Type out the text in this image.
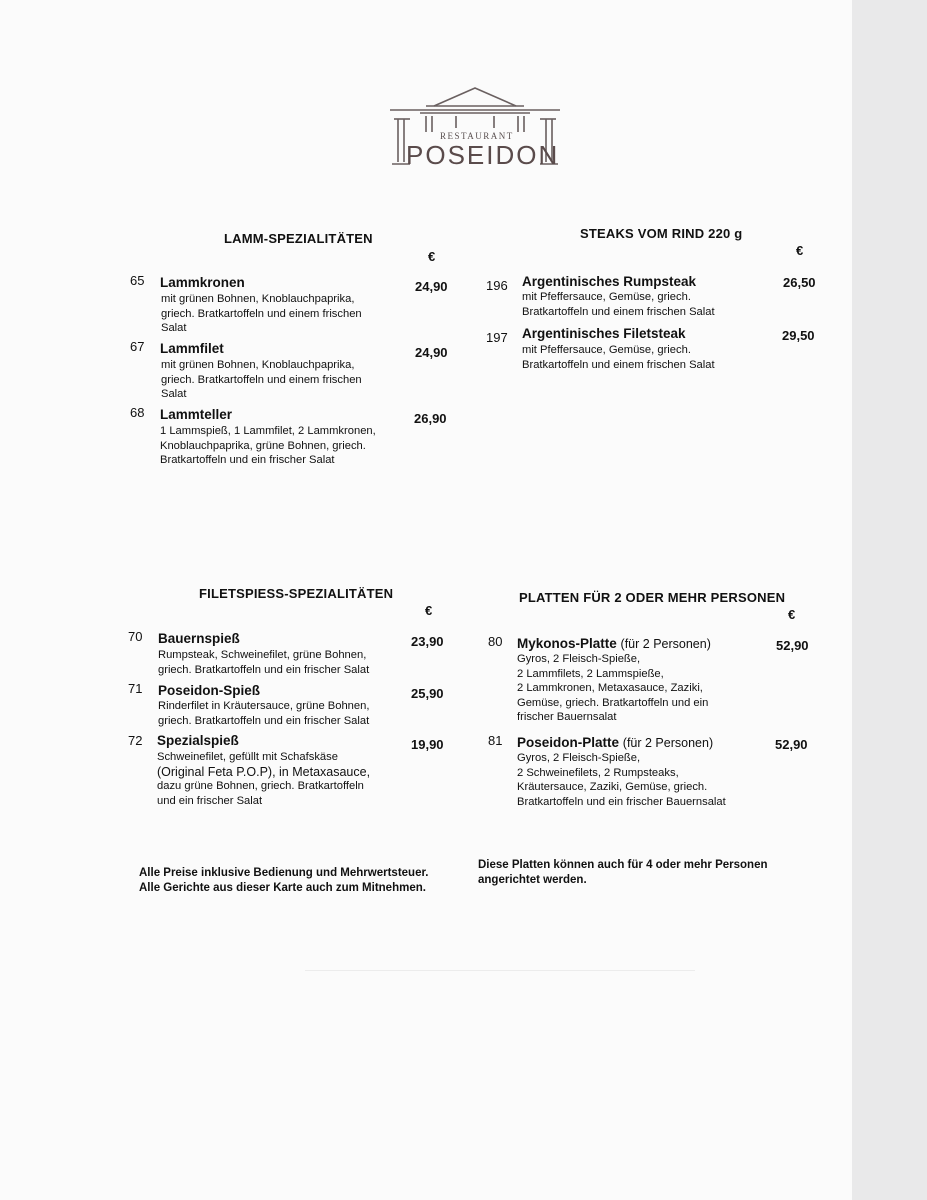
RESTAURANT
POSEIDON
LAMM-SPEZIALITÄTEN
€
65 Lammkronen	24,90
mit grünen Bohnen, Knoblauchpaprika,
griech. Bratkartoffeln und einem frischen
Salat
67 Lammfilet	24,90
mit grünen Bohnen, Knoblauchpaprika,
griech. Bratkartoffeln und einem frischen
Salat
68 Lammteller	26,90
1 Lammspieß, 1 Lammfilet, 2 Lammkronen,
Knoblauchpaprika, grüne Bohnen, griech.
Bratkartoffeln und ein frischer Salat
STEAKS VOM RIND 220 g
€
196 Argentinisches Rumpsteak	26,50
mit Pfeffersauce, Gemüse, griech.
Bratkartoffeln und einem frischen Salat
197 Argentinisches Filetsteak	29,50
mit Pfeffersauce, Gemüse, griech.
Bratkartoffeln und einem frischen Salat
FILETSPIESS-SPEZIALITÄTEN
€
70 Bauernspieß	23,90
Rumpsteak, Schweinefilet, grüne Bohnen,
griech. Bratkartoffeln und ein frischer Salat
71 Poseidon-Spieß	25,90
Rinderfilet in Kräutersauce, grüne Bohnen,
griech. Bratkartoffeln und ein frischer Salat
72 Spezialspieß	19,90
Schweinefilet, gefüllt mit Schafskäse
(Original Feta P.O.P), in Metaxasauce,
dazu grüne Bohnen, griech. Bratkartoffeln
und ein frischer Salat
PLATTEN FÜR 2 ODER MEHR PERSONEN
€
80 Mykonos-Platte (für 2 Personen)	52,90
Gyros, 2 Fleisch-Spieße,
2 Lammfilets, 2 Lammspieße,
2 Lammkronen, Metaxasauce, Zaziki,
Gemüse, griech. Bratkartoffeln und ein
frischer Bauernsalat
81 Poseidon-Platte (für 2 Personen)	52,90
Gyros, 2 Fleisch-Spieße,
2 Schweinefilets, 2 Rumpsteaks,
Kräutersauce, Zaziki, Gemüse, griech.
Bratkartoffeln und ein frischer Bauernsalat
Alle Preise inklusive Bedienung und Mehrwertsteuer.
Alle Gerichte aus dieser Karte auch zum Mitnehmen.
Diese Platten können auch für 4 oder mehr Personen
angerichtet werden.
